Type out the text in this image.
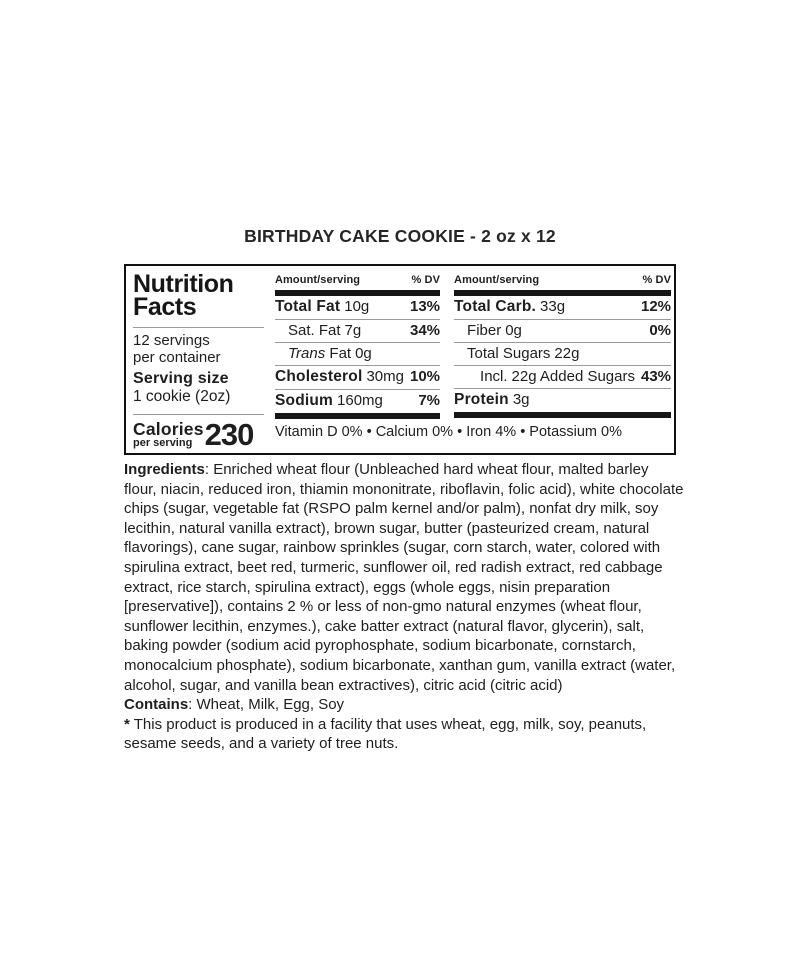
BIRTHDAY CAKE COOKIE - 2 oz x 12
Nutrition
Facts
12 servings
per container
Serving size
1 cookie (2oz)
Calories
per serving 230
Amount/serving	% DV
Total Fat 10g	13%
Sat. Fat 7g	34%
Trans Fat 0g
Cholesterol 30mg 10%
Sodium 160mg 7%
Amount/serving	% DV
Total Carb. 33g	12%
Fiber 0g	0%
Total Sugars 22g
Incl. 22g Added Sugars 43%
Protein 3g
Vitamin D 0% • Calcium 0% • Iron 4% • Potassium 0%

Ingredients: Enriched wheat flour (Unbleached hard wheat flour, malted barley flour, niacin, reduced iron, thiamin mononitrate, riboflavin, folic acid), white chocolate chips (sugar, vegetable fat (RSPO palm kernel and/or palm), nonfat dry milk, soy lecithin, natural vanilla extract), brown sugar, butter (pasteurized cream, natural flavorings), cane sugar, rainbow sprinkles (sugar, corn starch, water, colored with spirulina extract, beet red, turmeric, sunflower oil, red radish extract, red cabbage extract, rice starch, spirulina extract), eggs (whole eggs, nisin preparation [preservative]), contains 2 % or less of non-gmo natural enzymes (wheat flour, sunflower lecithin, enzymes.), cake batter extract (natural flavor, glycerin), salt, baking powder (sodium acid pyrophosphate, sodium bicarbonate, cornstarch, monocalcium phosphate), sodium bicarbonate, xanthan gum, vanilla extract (water, alcohol, sugar, and vanilla bean extractives), citric acid (citric acid)

Contains: Wheat, Milk, Egg, Soy

* This product is produced in a facility that uses wheat, egg, milk, soy, peanuts, sesame seeds, and a variety of tree nuts.
